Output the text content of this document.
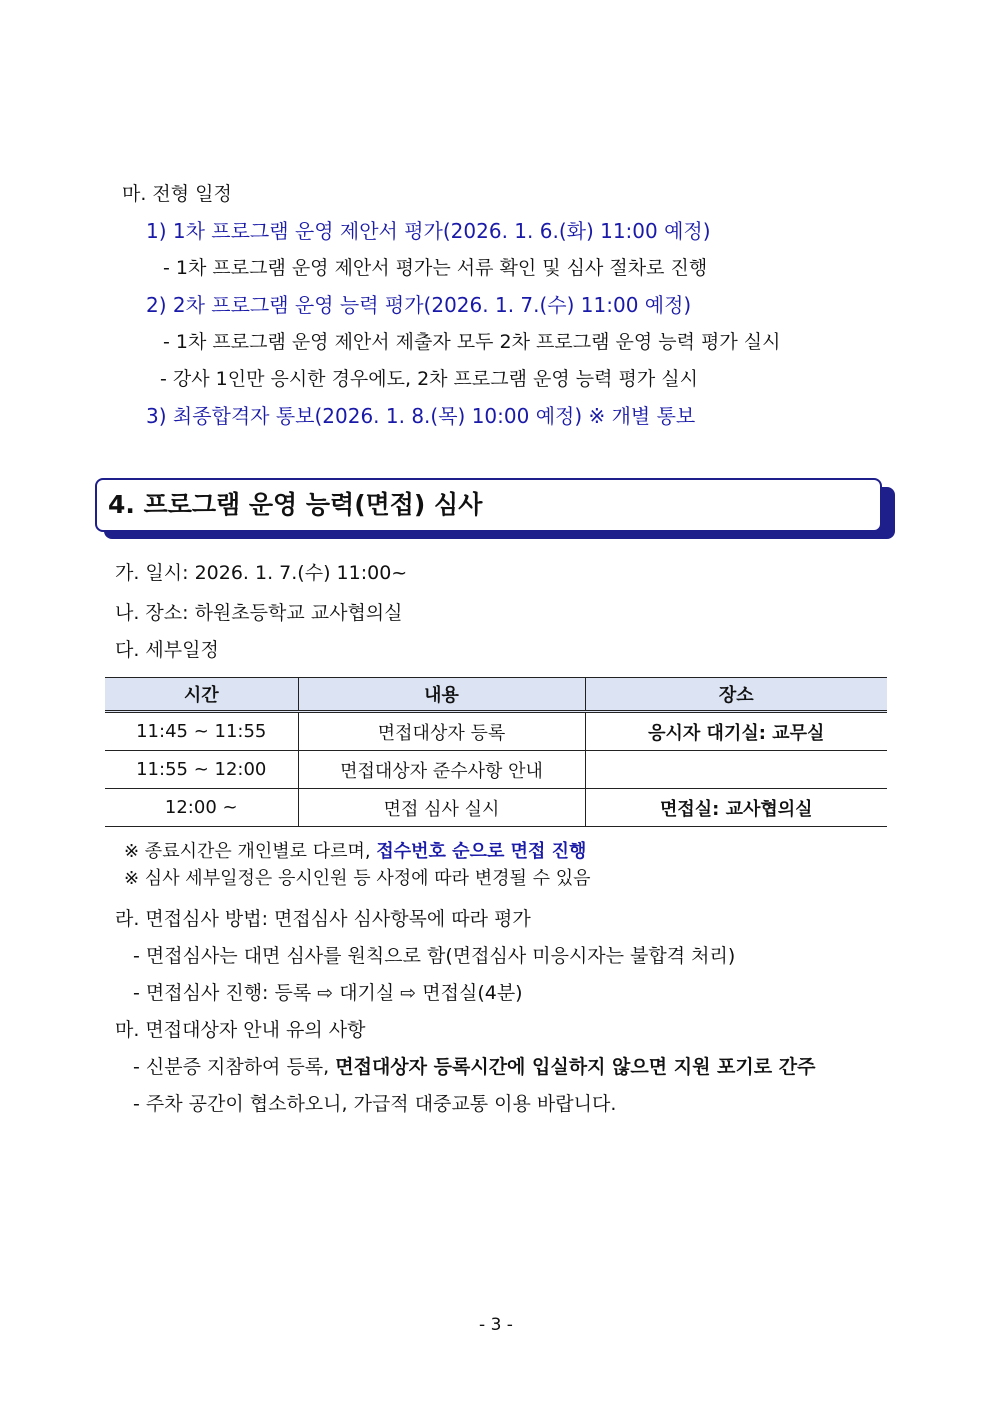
마. 전형 일정
1) 1차 프로그램 운영 제안서 평가(2026. 1. 6.(화) 11:00 예정)
- 1차 프로그램 운영 제안서 평가는 서류 확인 및 심사 절차로 진행
2) 2차 프로그램 운영 능력 평가(2026. 1. 7.(수) 11:00 예정)
- 1차 프로그램 운영 제안서 제출자 모두 2차 프로그램 운영 능력 평가 실시
- 강사 1인만 응시한 경우에도, 2차 프로그램 운영 능력 평가 실시
3) 최종합격자 통보(2026. 1. 8.(목) 10:00 예정) ※ 개별 통보
4. 프로그램 운영 능력(면접) 심사
가. 일시: 2026. 1. 7.(수) 11:00~
나. 장소: 하원초등학교 교사협의실
다. 세부일정
시간	내용	장소
11:45 ~ 11:55	면접대상자 등록	응시자 대기실: 교무실
11:55 ~ 12:00	면접대상자 준수사항 안내	
12:00 ~	면접 심사 실시	면접실: 교사협의실
※ 종료시간은 개인별로 다르며, 접수번호 순으로 면접 진행
※ 심사 세부일정은 응시인원 등 사정에 따라 변경될 수 있음
라. 면접심사 방법: 면접심사 심사항목에 따라 평가
- 면접심사는 대면 심사를 원칙으로 함(면접심사 미응시자는 불합격 처리)
- 면접심사 진행: 등록 ⇨ 대기실 ⇨ 면접실(4분)
마. 면접대상자 안내 유의 사항
- 신분증 지참하여 등록, 면접대상자 등록시간에 입실하지 않으면 지원 포기로 간주
- 주차 공간이 협소하오니, 가급적 대중교통 이용 바랍니다.
- 3 -
